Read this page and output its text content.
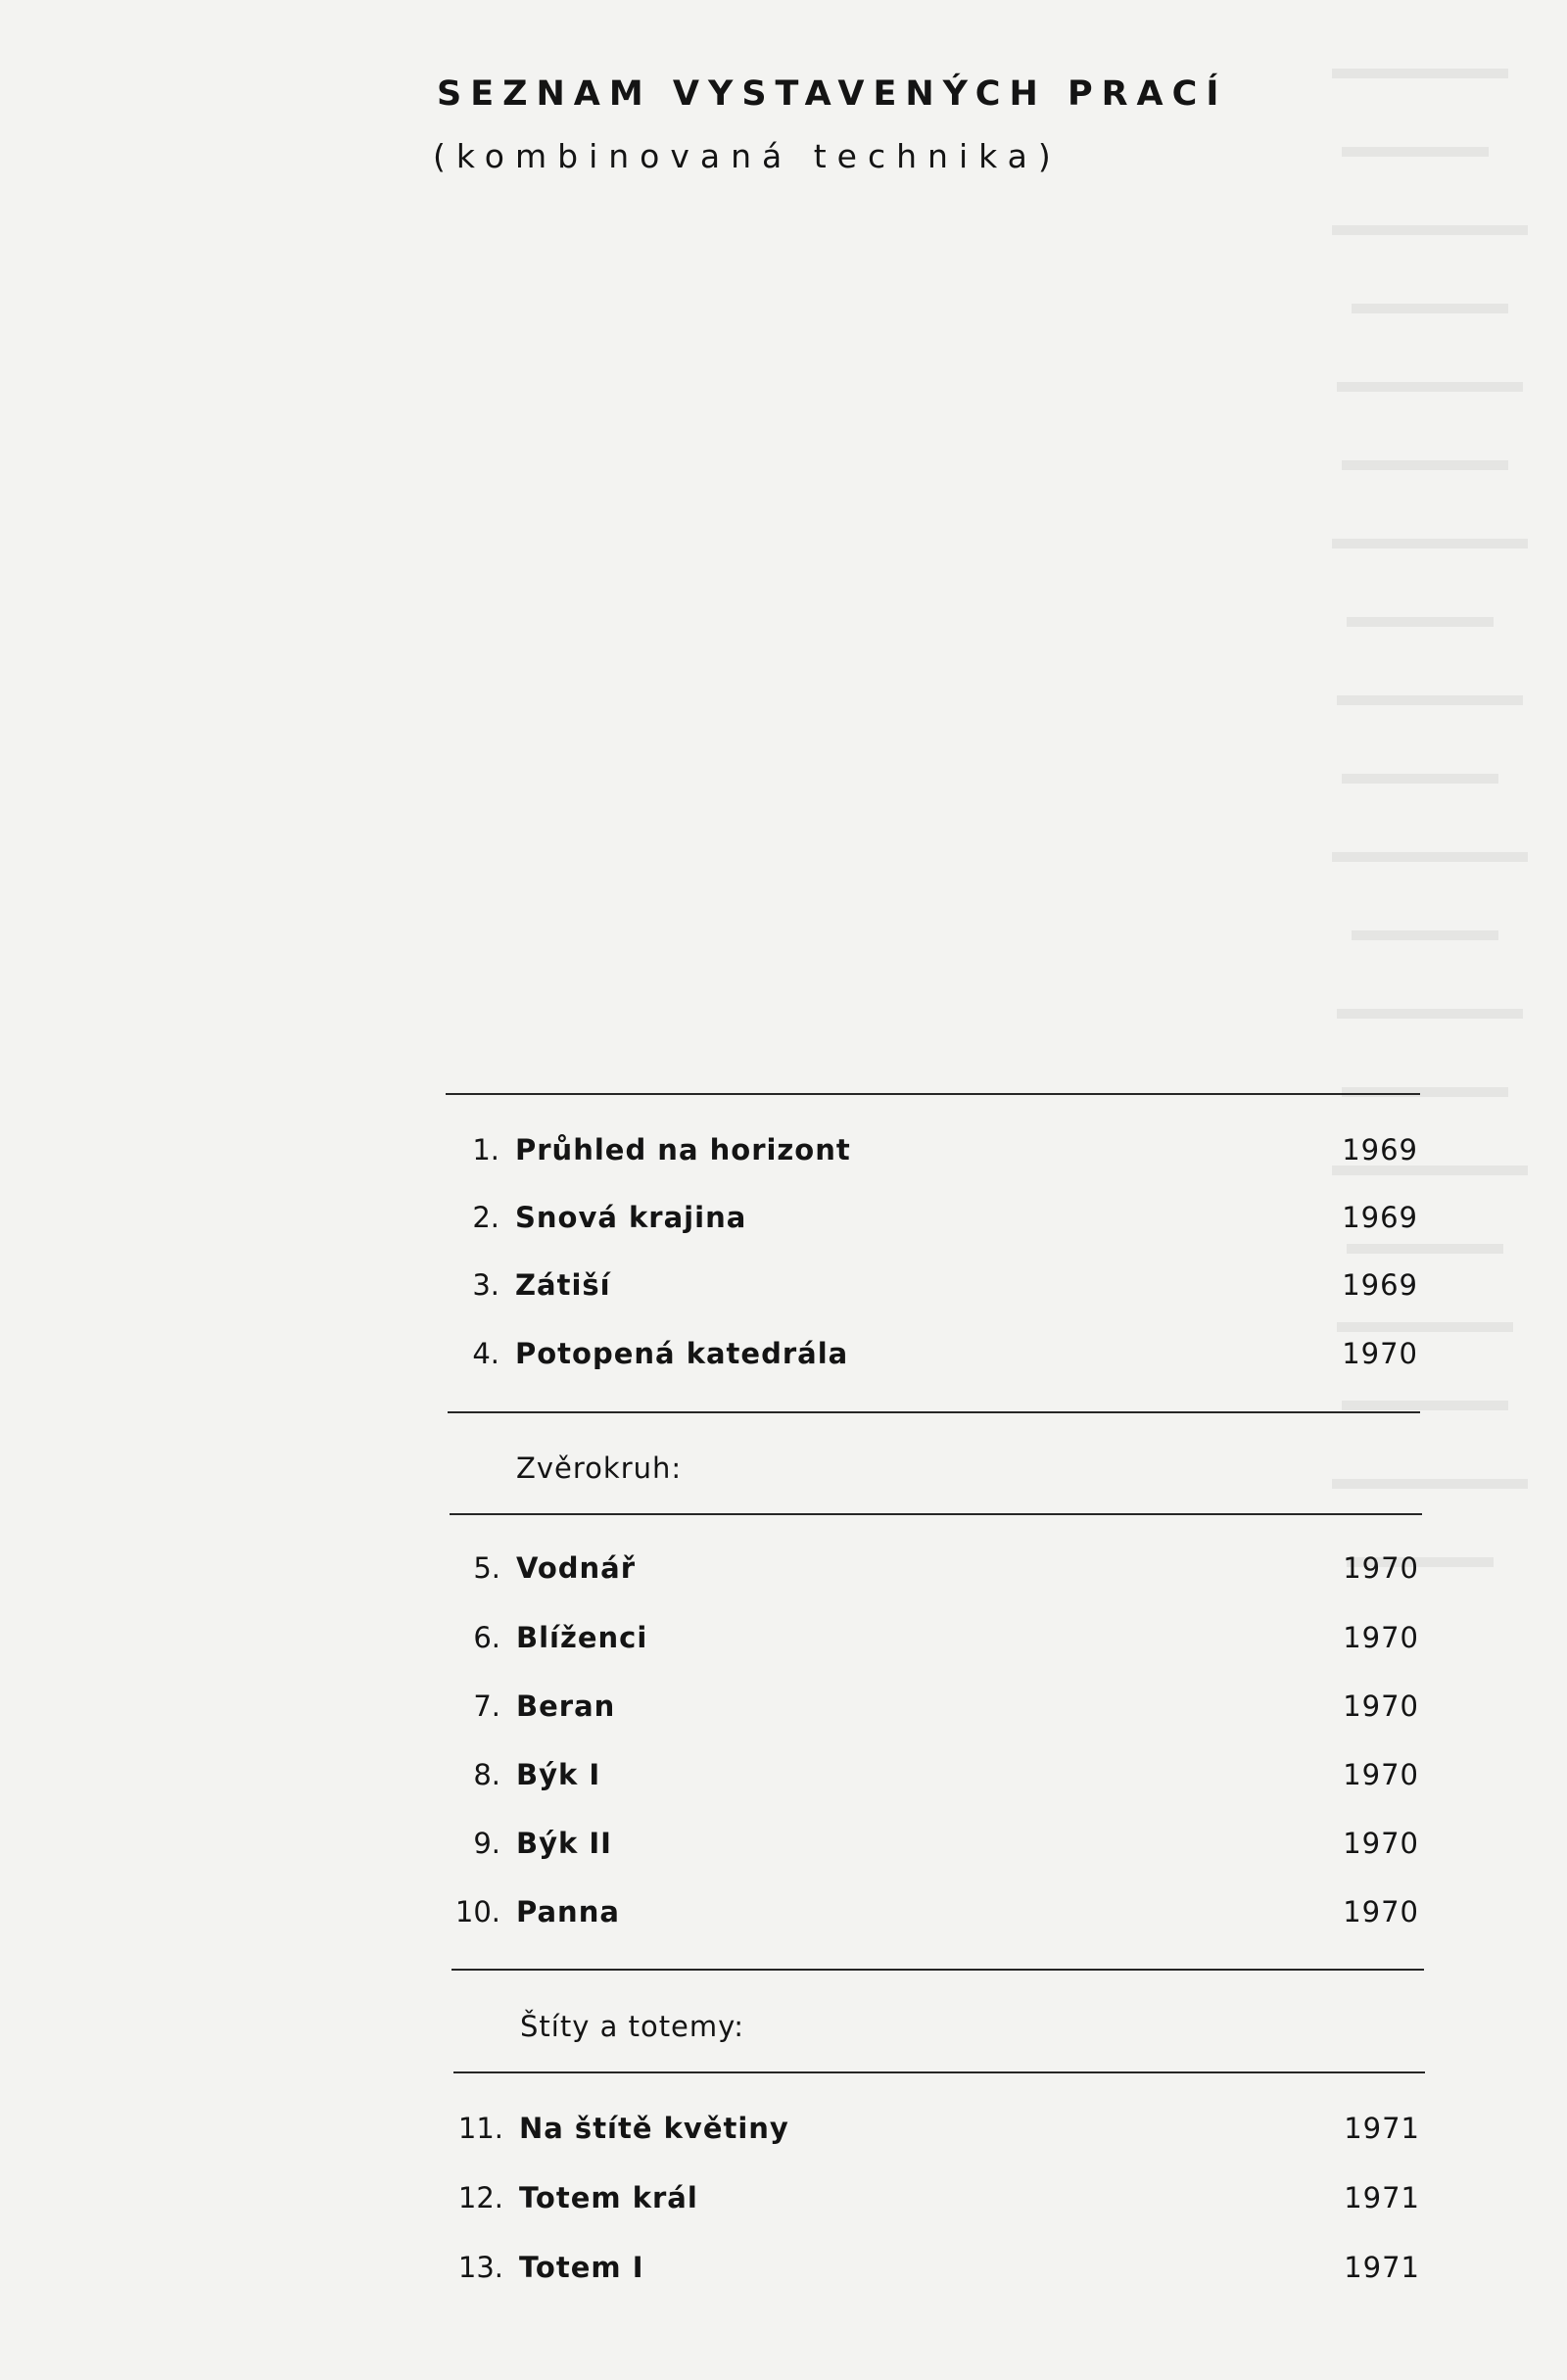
SEZNAM VYSTAVENÝCH PRACÍ
(kombinovaná technika)
1. Průhled na horizont	1969
2. Snová krajina	1969
3. Zátiší	1969
4. Potopená katedrála	1970
Zvěrokruh:
5. Vodnář	1970
6. Blíženci	1970
7. Beran	1970
8. Býk I	1970
9. Býk II	1970
10. Panna	1970
Štíty a totemy:
11. Na štítě květiny	1971
12. Totem král	1971
13. Totem I	1971
